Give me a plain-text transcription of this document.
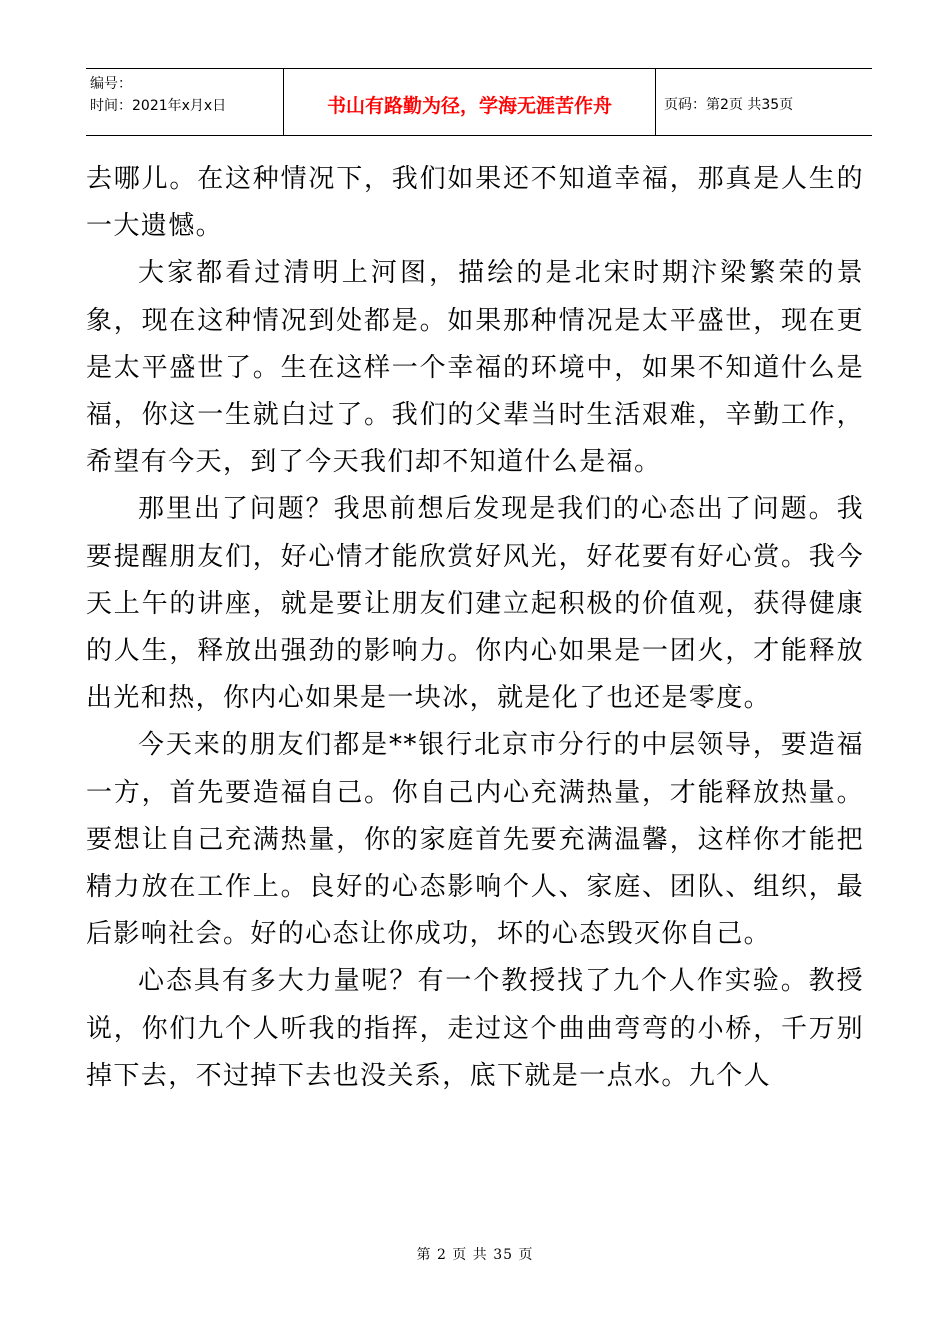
编号：
时间：2021年x月x日	书山有路勤为径，学海无涯苦作舟	页码：第2页 共35页

去哪儿。在这种情况下，我们如果还不知道幸福，那真是人生的一大遗憾。

大家都看过清明上河图，描绘的是北宋时期汴梁繁荣的景象，现在这种情况到处都是。如果那种情况是太平盛世，现在更是太平盛世了。生在这样一个幸福的环境中，如果不知道什么是福，你这一生就白过了。我们的父辈当时生活艰难，辛勤工作，希望有今天，到了今天我们却不知道什么是福。

那里出了问题？我思前想后发现是我们的心态出了问题。我要提醒朋友们，好心情才能欣赏好风光，好花要有好心赏。我今天上午的讲座，就是要让朋友们建立起积极的价值观，获得健康的人生，释放出强劲的影响力。你内心如果是一团火，才能释放出光和热，你内心如果是一块冰，就是化了也还是零度。

今天来的朋友们都是**银行北京市分行的中层领导，要造福一方，首先要造福自己。你自己内心充满热量，才能释放热量。要想让自己充满热量，你的家庭首先要充满温馨，这样你才能把精力放在工作上。良好的心态影响个人、家庭、团队、组织，最后影响社会。好的心态让你成功，坏的心态毁灭你自己。

心态具有多大力量呢？有一个教授找了九个人作实验。教授说，你们九个人听我的指挥，走过这个曲曲弯弯的小桥，千万别掉下去，不过掉下去也没关系，底下就是一点水。九个人

第 2 页 共 35 页
